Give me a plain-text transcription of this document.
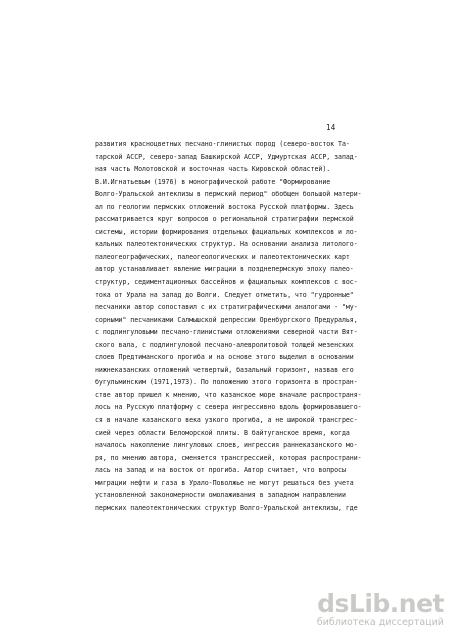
14
развития красноцветных песчано-глинистых пород (северо-восток Та-
тарской АССР, северо-запад Башкирской АССР, Удмуртская АССР, запад-
ная часть Молотовской и восточная часть Кировской областей).
В.И.Игнатьевым (1976) в монографической работе "Формирование
Волго-Уральской антеклизы в пермский период" обобщен большой матери-
ал по геологии пермских отложений востока Русской платформы. Здесь
рассматривается круг вопросов о региональной стратиграфии пермской
системы, истории формирования отдельных фациальных комплексов и ло-
кальных палеотектонических структур. На основании анализа литолого-
палеогеографических, палеогеологических и палеотектонических карт
автор устанавливает явление миграции в позднепермскую эпоху палео-
структур, седиментационных бассейнов и фациальных комплексов с вос-
тока от Урала на запад до Волги. Следует отметить, что "гудронные"
песчаники автор сопоставил с их стратиграфическими аналогами - "му-
сорными" песчаниками Салмышской депрессии Оренбургского Предуралья,
с подлингуловыми песчано-глинистыми отложениями северной части Вят-
ского вала, с подлингуловой песчано-алевролитовой толщей мезенских
слоев Предтиманского прогиба и на основе этого выделил в основании
нижнеказанских отложений четвертый, базальный горизонт, назвав его
бугульминским (1971,1973). По положению этого горизонта в простран-
стве автор пришел к мнению, что казанское море вначале распространя-
лось на Русскую платформу с севера ингрессивно вдоль формировавшего-
ся в начале казанского века узкого прогиба, а не широкой трансгрес-
сией через области Беломорской плиты. В байтуганское время, когда
началось накопление лингуловых слоев, ингрессия раннеказанского мо-
ря, по мнению автора, сменяется трансгрессией, которая распространи-
лась на запад и на восток от прогиба. Автор считает, что вопросы
миграции нефти и газа в Урало-Поволжье не могут решаться без учета
установленной закономерности омолаживания в западном направлении
пермских палеотектонических структур Волго-Уральской антеклизы, где
dsLib.net
библиотека диссертаций
